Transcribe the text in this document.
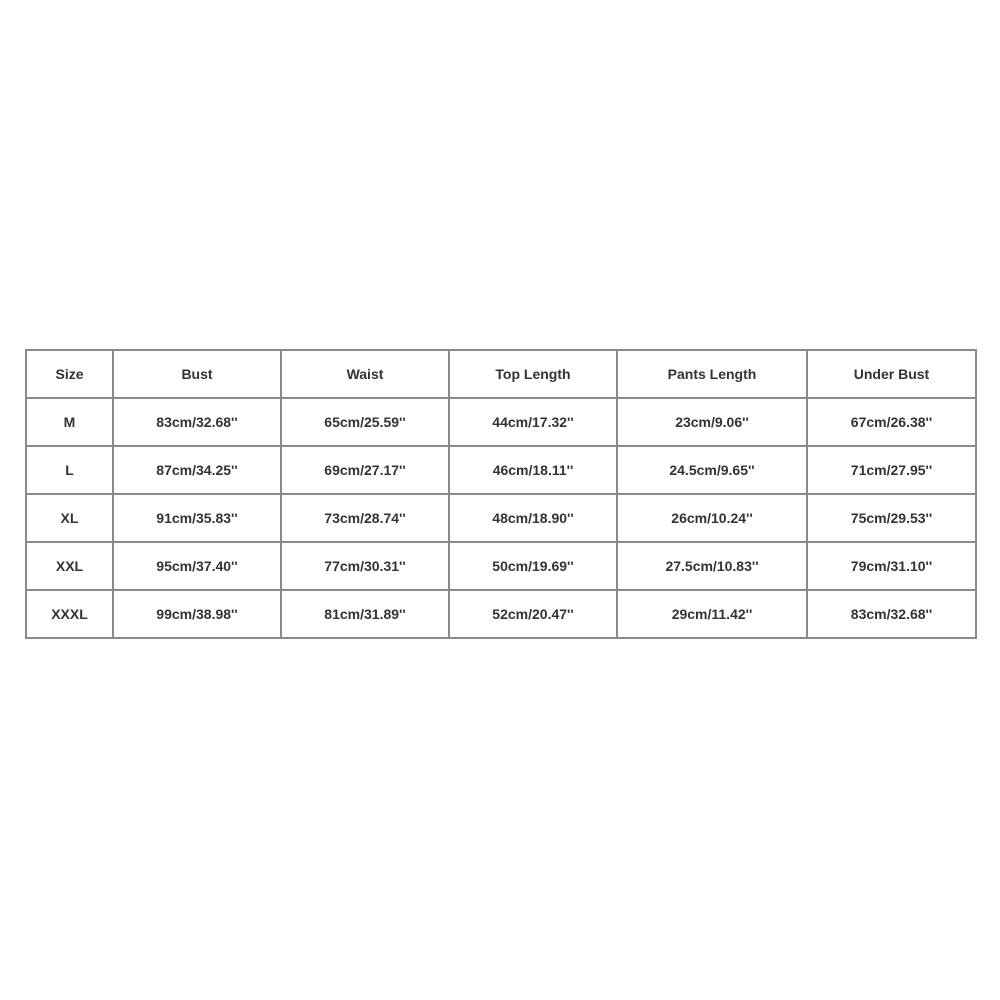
Size	Bust	Waist	Top Length	Pants Length	Under Bust
M	83cm/32.68''	65cm/25.59''	44cm/17.32''	23cm/9.06''	67cm/26.38''
L	87cm/34.25''	69cm/27.17''	46cm/18.11''	24.5cm/9.65''	71cm/27.95''
XL	91cm/35.83''	73cm/28.74''	48cm/18.90''	26cm/10.24''	75cm/29.53''
XXL	95cm/37.40''	77cm/30.31''	50cm/19.69''	27.5cm/10.83''	79cm/31.10''
XXXL	99cm/38.98''	81cm/31.89''	52cm/20.47''	29cm/11.42''	83cm/32.68''
